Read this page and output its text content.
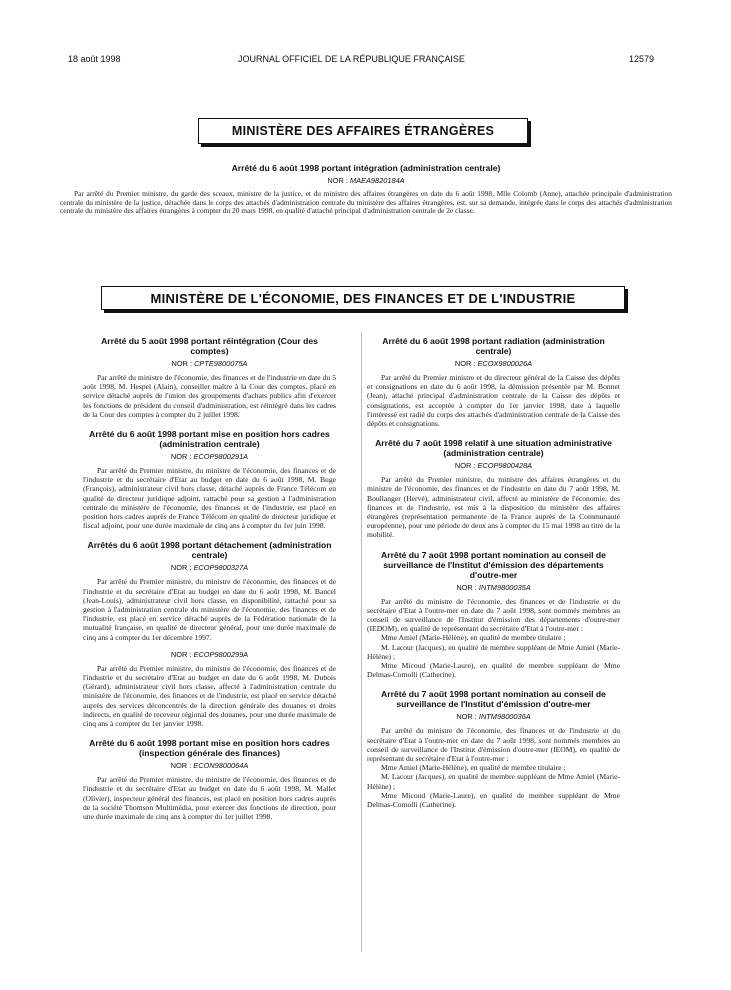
18 août 1998	JOURNAL OFFICIEL DE LA RÉPUBLIQUE FRANÇAISE	12579
MINISTÈRE DES AFFAIRES ÉTRANGÈRES

Arrêté du 6 août 1998 portant intégration (administration centrale)

NOR : MAEA9820184A

Par arrêté du Premier ministre, du garde des sceaux, ministre de la justice, et du ministre des affaires étrangères en date du 6 août 1998, Mlle Colomb (Anne), attachée principale d'administration centrale du ministère de la justice, détachée dans le corps des attachés d'administration centrale du ministère des affaires étrangères, est, sur sa demande, intégrée dans le corps des attachés d'administration centrale du ministère des affaires étrangères à compter du 20 mars 1998, en qualité d'attaché principal d'administration centrale de 2e classe.

MINISTÈRE DE L'ÉCONOMIE, DES FINANCES ET DE L'INDUSTRIE

Arrêté du 5 août 1998 portant réintégration (Cour des comptes)

NOR : CPTE9800075A

Par arrêté du ministre de l'économie, des finances et de l'industrie en date du 5 août 1998, M. Hespel (Alain), conseiller maître à la Cour des comptes, placé en service détaché auprès de l'union des groupements d'achats publics afin d'exercer les fonctions de président du conseil d'administration, est réintégré dans les cadres de la Cour des comptes à compter du 2 juillet 1998.

Arrêté du 6 août 1998 portant mise en position hors cadres (administration centrale)

NOR : ECOP9800291A

Par arrêté du Premier ministre, du ministre de l'économie, des finances et de l'industrie et du secrétaire d'Etat au budget en date du 6 août 1998, M. Buge (François), administrateur civil hors classe, détaché auprès de France Télécom en qualité de directeur juridique adjoint, rattaché pour sa gestion à l'administration centrale du ministère de l'économie, des finances et de l'industrie, est placé en position hors cadres auprès de France Télécom en qualité de directeur juridique et fiscal adjoint, pour une durée maximale de cinq ans à compter du 1er juin 1998.

Arrêtés du 6 août 1998 portant détachement (administration centrale)

NOR : ECOP9800327A

Par arrêté du Premier ministre, du ministre de l'économie, des finances et de l'industrie et du secrétaire d'Etat au budget en date du 6 août 1998, M. Bancel (Jean-Louis), administrateur civil hors classe, en disponibilité, rattaché pour sa gestion à l'administration centrale du ministère de l'économie, des finances et de l'industrie, est placé en service détaché auprès de la Fédération nationale de la mutualité française, en qualité de directeur général, pour une durée maximale de cinq ans à compter du 1er décembre 1997.

NOR : ECOP9800299A

Par arrêté du Premier ministre, du ministre de l'économie, des finances et de l'industrie et du secrétaire d'Etat au budget en date du 6 août 1998, M. Dubois (Gérard), administrateur civil hors classe, affecté à l'administration centrale du ministère de l'économie, des finances et de l'industrie, est placé en service détaché auprès des services déconcentrés de la direction générale des douanes et droits indirects, en qualité de receveur régional des douanes, pour une durée maximale de cinq ans à compter du 1er janvier 1998.

Arrêté du 6 août 1998 portant mise en position hors cadres (inspection générale des finances)

NOR : ECON9800064A

Par arrêté du Premier ministre, du ministre de l'économie, des finances et de l'industrie et du secrétaire d'Etat au budget en date du 6 août 1998, M. Mallet (Olivier), inspecteur général des finances, est placé en position hors cadres auprès de la société Thomson Multimédia, pour exercer des fonctions de direction, pour une durée maximale de cinq ans à compter du 1er juillet 1998.

Arrêté du 6 août 1998 portant radiation (administration centrale)

NOR : ECOX9800026A

Par arrêté du Premier ministre et du directeur général de la Caisse des dépôts et consignations en date du 6 août 1998, la démission présentée par M. Bonnet (Jean), attaché principal d'administration centrale de la Caisse des dépôts et consignations, est acceptée à compter du 1er janvier 1998, date à laquelle l'intéressé est radié du corps des attachés d'administration centrale de la Caisse des dépôts et consignations.

Arrêté du 7 août 1998 relatif à une situation administrative (administration centrale)

NOR : ECOP9800428A

Par arrêté du Premier ministre, du ministre des affaires étrangères et du ministre de l'économie, des finances et de l'industrie en date du 7 août 1998, M. Boullanger (Hervé), administrateur civil, affecté au ministère de l'économie, des finances et de l'industrie, est mis à la disposition du ministère des affaires étrangères (représentation permanente de la France auprès de la Communauté européenne), pour une période de deux ans à compter du 15 mai 1998 au titre de la mobilité.

Arrêté du 7 août 1998 portant nomination au conseil de surveillance de l'Institut d'émission des départements d'outre-mer

NOR : INTM9800035A

Par arrêté du ministre de l'économie, des finances et de l'industrie et du secrétaire d'Etat à l'outre-mer en date du 7 août 1998, sont nommés membres au conseil de surveillance de l'Institut d'émission des départements d'outre-mer (IEDOM), en qualité de représentant du secrétaire d'Etat à l'outre-mer :

Mme Amiel (Marie-Hélène), en qualité de membre titulaire ;

M. Lacour (Jacques), en qualité de membre suppléant de Mme Amiel (Marie-Hélène) ;

Mme Micoud (Marie-Laure), en qualité de membre suppléant de Mme Delmas-Comolli (Catherine).

Arrêté du 7 août 1998 portant nomination au conseil de surveillance de l'Institut d'émission d'outre-mer

NOR : INTM9800036A

Par arrêté du ministre de l'économie, des finances et de l'industrie et du secrétaire d'Etat à l'outre-mer en date du 7 août 1998, sont nommés membres au conseil de surveillance de l'Institut d'émission d'outre-mer (IEOM), en qualité de représentant du secrétaire d'Etat à l'outre-mer :

Mme Amiel (Marie-Hélène), en qualité de membre titulaire ;

M. Lacour (Jacques), en qualité de membre suppléant de Mme Amiel (Marie-Hélène) ;

Mme Micoud (Marie-Laure), en qualité de membre suppléant de Mme Delmas-Comolli (Catherine).
